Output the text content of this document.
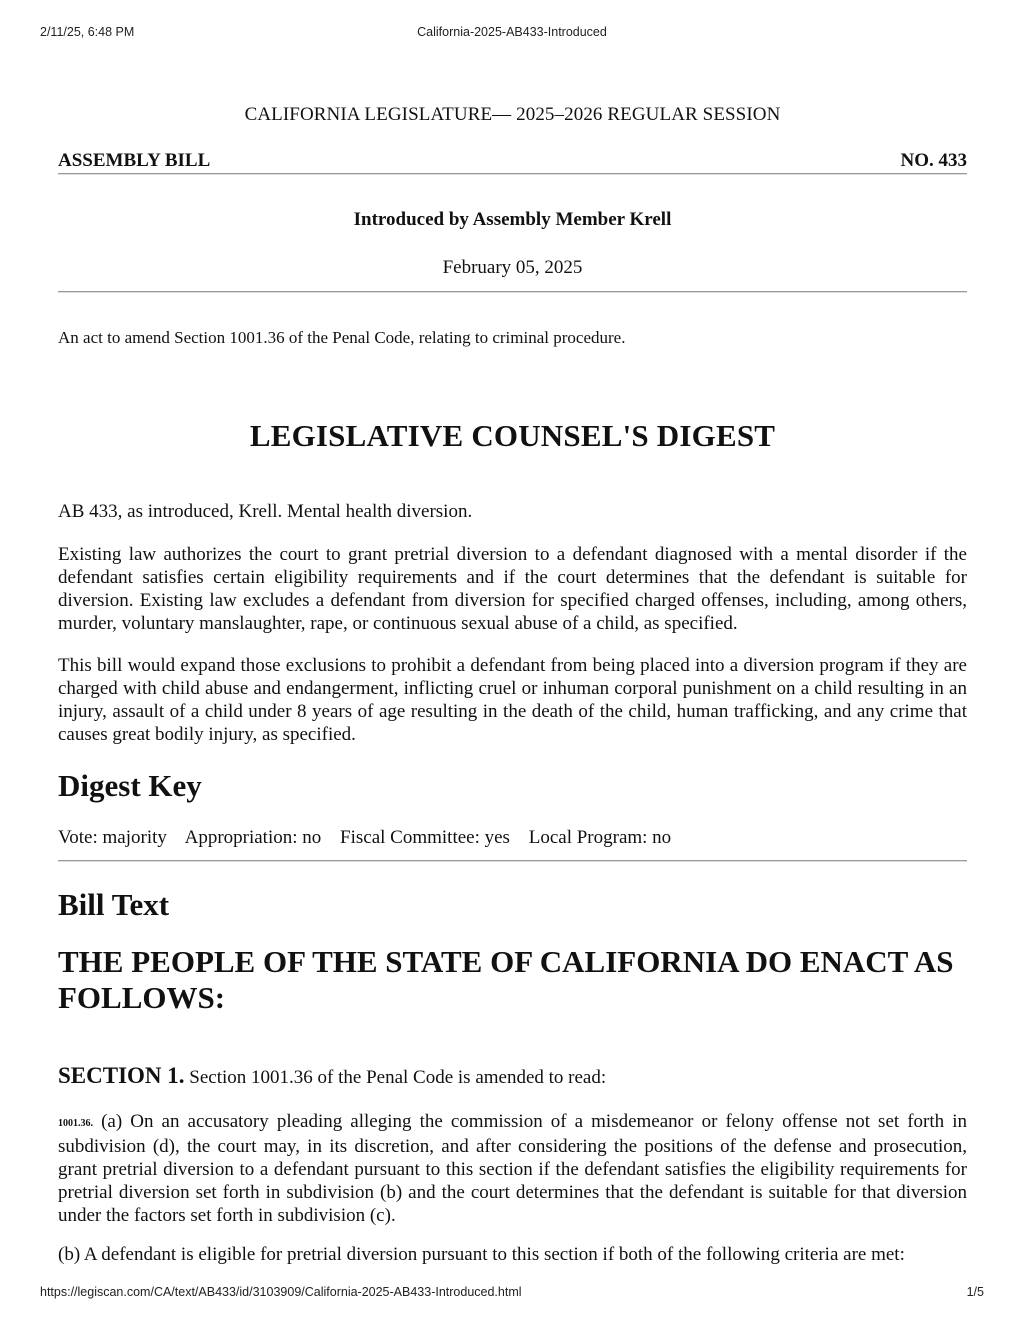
2/11/25, 6:48 PM	California-2025-AB433-Introduced
CALIFORNIA LEGISLATURE— 2025–2026 REGULAR SESSION
ASSEMBLY BILL	NO. 433
Introduced by Assembly Member Krell
February 05, 2025
An act to amend Section 1001.36 of the Penal Code, relating to criminal procedure.
LEGISLATIVE COUNSEL'S DIGEST
AB 433, as introduced, Krell. Mental health diversion.
Existing law authorizes the court to grant pretrial diversion to a defendant diagnosed with a mental disorder if the defendant satisfies certain eligibility requirements and if the court determines that the defendant is suitable for diversion. Existing law excludes a defendant from diversion for specified charged offenses, including, among others, murder, voluntary manslaughter, rape, or continuous sexual abuse of a child, as specified.
This bill would expand those exclusions to prohibit a defendant from being placed into a diversion program if they are charged with child abuse and endangerment, inflicting cruel or inhuman corporal punishment on a child resulting in an injury, assault of a child under 8 years of age resulting in the death of the child, human trafficking, and any crime that causes great bodily injury, as specified.
Digest Key
Vote: majority Appropriation: no Fiscal Committee: yes Local Program: no
Bill Text
THE PEOPLE OF THE STATE OF CALIFORNIA DO ENACT AS FOLLOWS:
SECTION 1. Section 1001.36 of the Penal Code is amended to read:
1001.36. (a) On an accusatory pleading alleging the commission of a misdemeanor or felony offense not set forth in subdivision (d), the court may, in its discretion, and after considering the positions of the defense and prosecution, grant pretrial diversion to a defendant pursuant to this section if the defendant satisfies the eligibility requirements for pretrial diversion set forth in subdivision (b) and the court determines that the defendant is suitable for that diversion under the factors set forth in subdivision (c).
(b) A defendant is eligible for pretrial diversion pursuant to this section if both of the following criteria are met:
https://legiscan.com/CA/text/AB433/id/3103909/California-2025-AB433-Introduced.html	1/5
